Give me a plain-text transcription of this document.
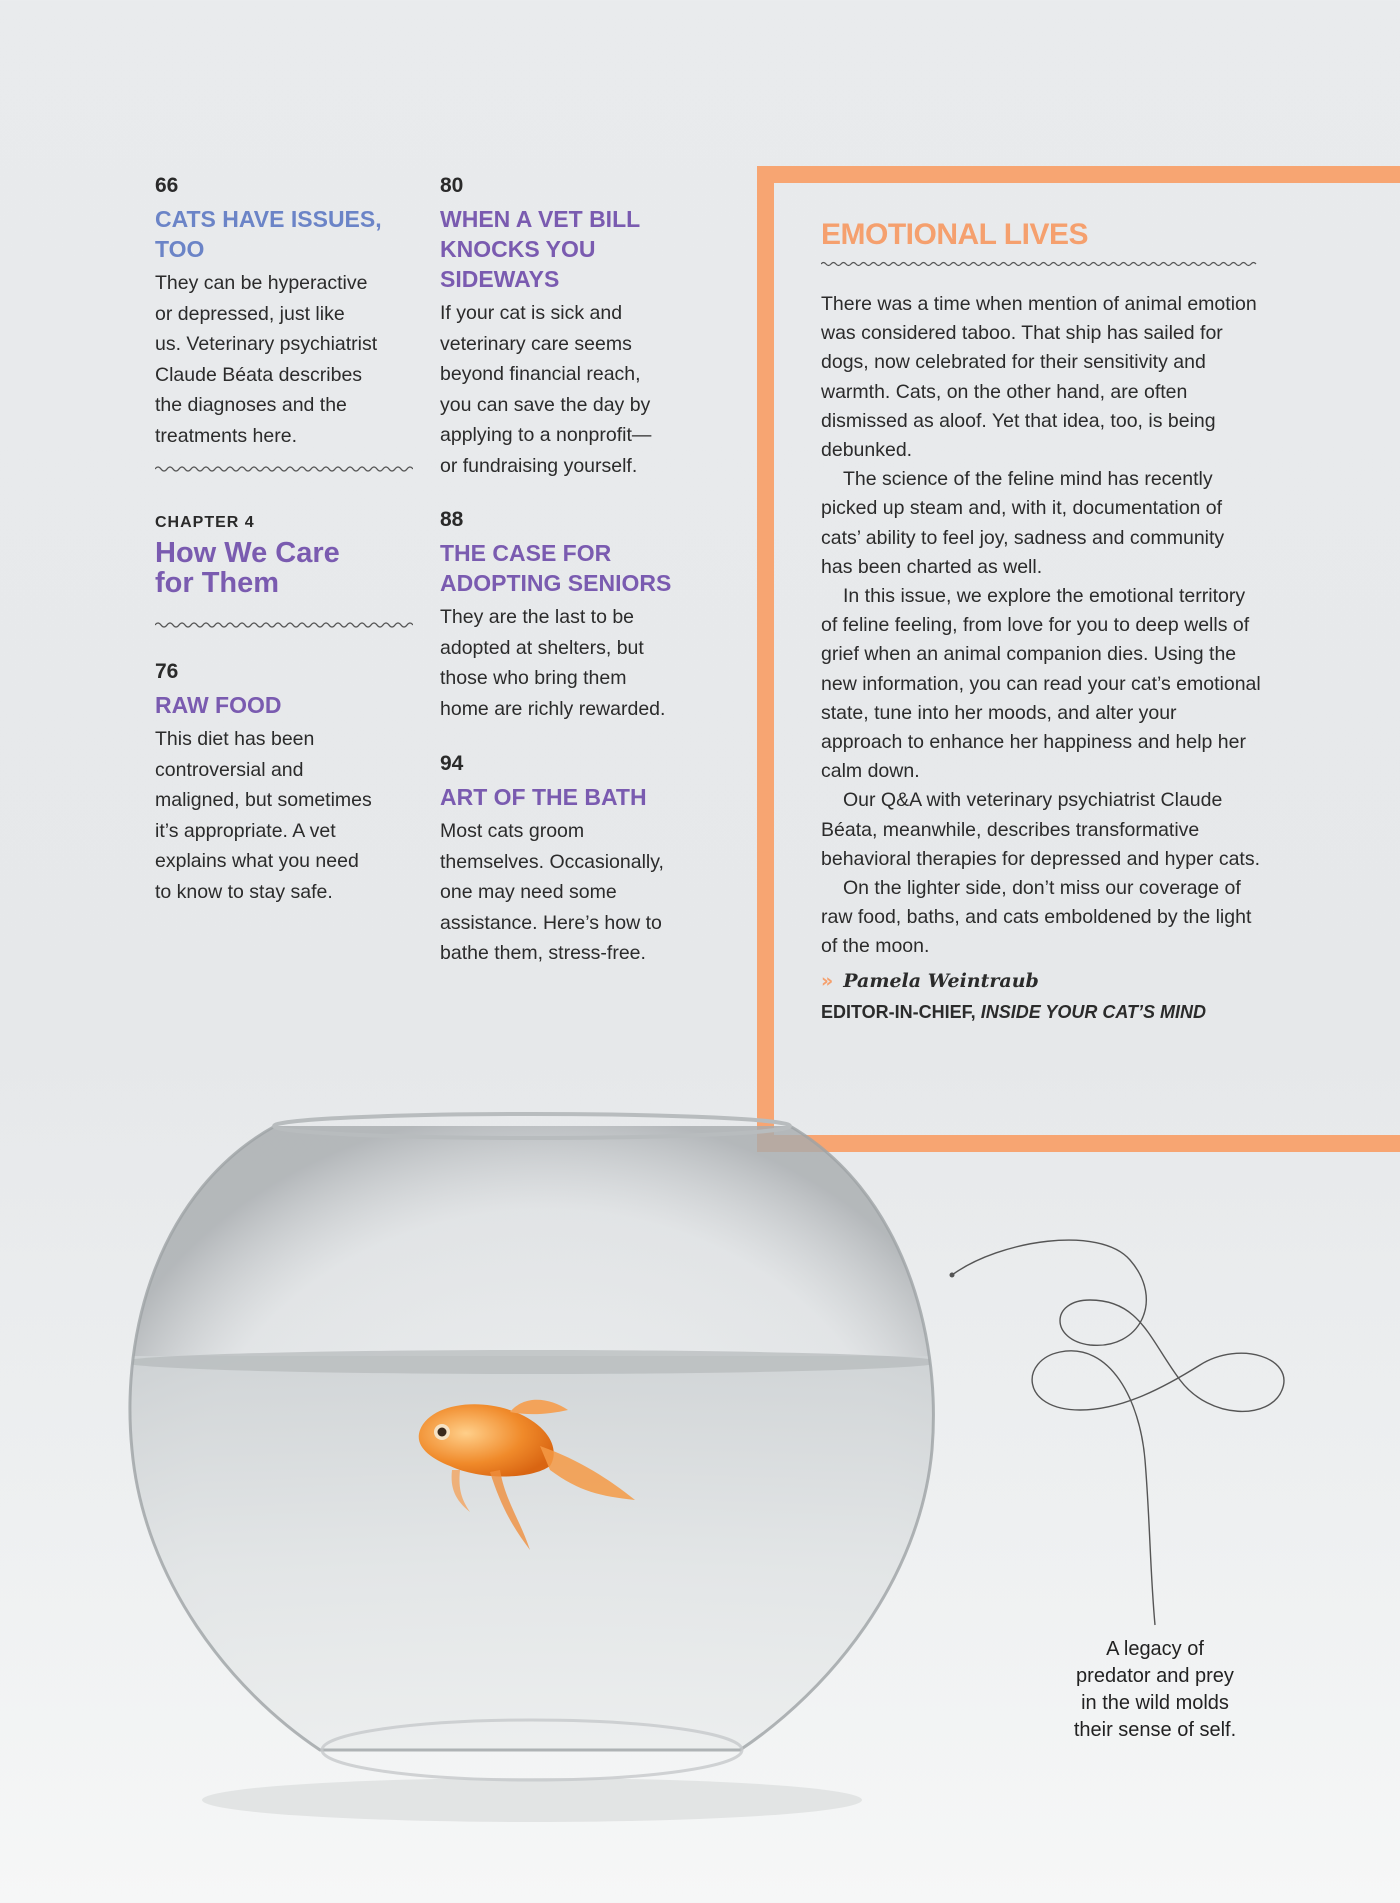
66
CATS HAVE ISSUES,
TOO
They can be hyperactive
or depressed, just like
us. Veterinary psychiatrist
Claude Béata describes
the diagnoses and the
treatments here.
CHAPTER 4
How We Care
for Them
76
RAW FOOD
This diet has been
controversial and
maligned, but sometimes
it’s appropriate. A vet
explains what you need
to know to stay safe.
80
WHEN A VET BILL
KNOCKS YOU
SIDEWAYS
If your cat is sick and
veterinary care seems
beyond financial reach,
you can save the day by
applying to a nonprofit—
or fundraising yourself.
88
THE CASE FOR
ADOPTING SENIORS
They are the last to be
adopted at shelters, but
those who bring them
home are richly rewarded.
94
ART OF THE BATH
Most cats groom
themselves. Occasionally,
one may need some
assistance. Here’s how to
bathe them, stress-free.
EMOTIONAL LIVES

There was a time when mention of animal emotion was considered taboo. That ship has sailed for dogs, now celebrated for their sensitivity and warmth. Cats, on the other hand, are often dismissed as aloof. Yet that idea, too, is being debunked.

The science of the feline mind has recently picked up steam and, with it, documentation of cats’ ability to feel joy, sadness and community has been charted as well.

In this issue, we explore the emotional territory of feline feeling, from love for you to deep wells of grief when an animal companion dies. Using the new information, you can read your cat’s emotional state, tune into her moods, and alter your approach to enhance her happiness and help her calm down.

Our Q&A with veterinary psychiatrist Claude Béata, meanwhile, describes transformative behavioral therapies for depressed and hyper cats.

On the lighter side, don’t miss our coverage of raw food, baths, and cats emboldened by the light of the moon.

» Pamela Weintraub
EDITOR-IN-CHIEF, INSIDE YOUR CAT’S MIND
A legacy of
predator and prey
in the wild molds
their sense of self.
